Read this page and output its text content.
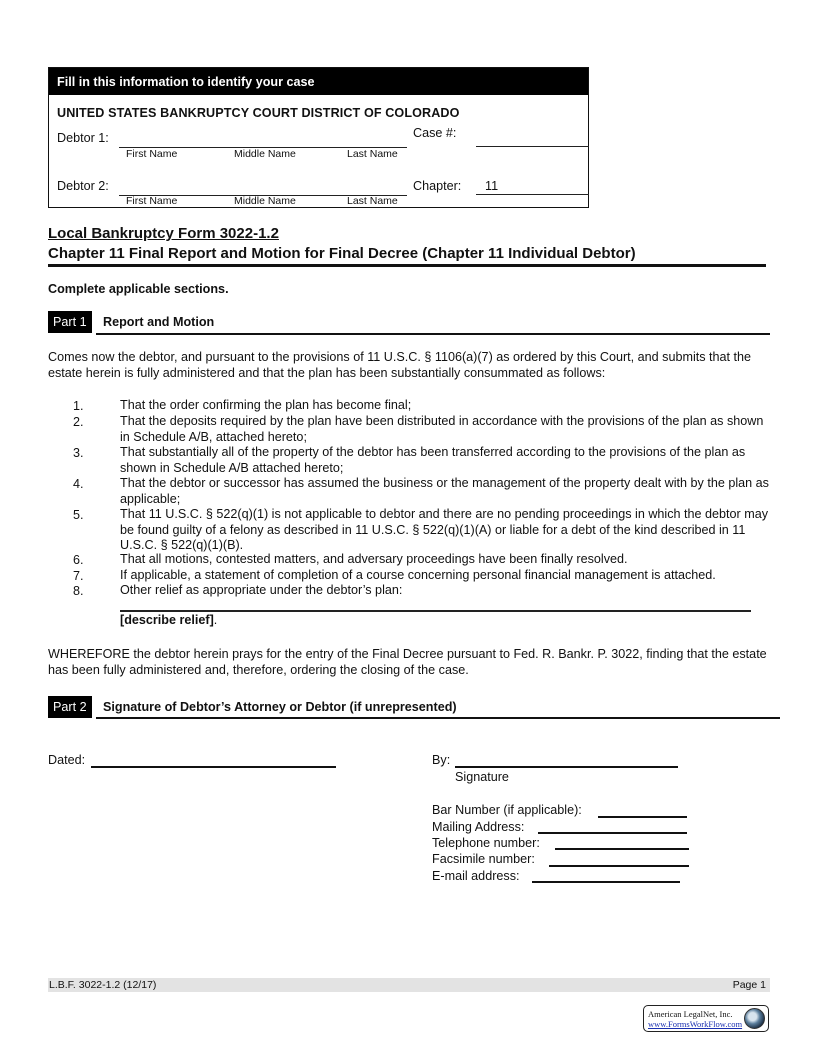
Fill in this information to identify your case
UNITED STATES BANKRUPTCY COURT DISTRICT OF COLORADO
Debtor 1:
First Name	Middle Name	Last Name
Case #:
Debtor 2:
First Name	Middle Name	Last Name
Chapter: 11
Local Bankruptcy Form 3022-1.2
Chapter 11 Final Report and Motion for Final Decree (Chapter 11 Individual Debtor)
Complete applicable sections.
Part 1	Report and Motion
Comes now the debtor, and pursuant to the provisions of 11 U.S.C. § 1106(a)(7) as ordered by this Court, and submits that the estate herein is fully administered and that the plan has been substantially consummated as follows:
1.	That the order confirming the plan has become final;
2.	That the deposits required by the plan have been distributed in accordance with the provisions of the plan as shown in Schedule A/B, attached hereto;
3.	That substantially all of the property of the debtor has been transferred according to the provisions of the plan as shown in Schedule A/B attached hereto;
4.	That the debtor or successor has assumed the business or the management of the property dealt with by the plan as applicable;
5.	That 11 U.S.C. § 522(q)(1) is not applicable to debtor and there are no pending proceedings in which the debtor may be found guilty of a felony as described in 11 U.S.C. § 522(q)(1)(A) or liable for a debt of the kind described in 11 U.S.C. § 522(q)(1)(B).
6.	That all motions, contested matters, and adversary proceedings have been finally resolved.
7.	If applicable, a statement of completion of a course concerning personal financial management is attached.
8.	Other relief as appropriate under the debtor’s plan:
[describe relief].
WHEREFORE the debtor herein prays for the entry of the Final Decree pursuant to Fed. R. Bankr. P. 3022, finding that the estate has been fully administered and, therefore, ordering the closing of the case.
Part 2	Signature of Debtor’s Attorney or Debtor (if unrepresented)
Dated:	By:
Signature
Bar Number (if applicable):
Mailing Address:
Telephone number:
Facsimile number:
E-mail address:
L.B.F. 3022-1.2 (12/17)	Page 1
American LegalNet, Inc.
www.FormsWorkFlow.com
